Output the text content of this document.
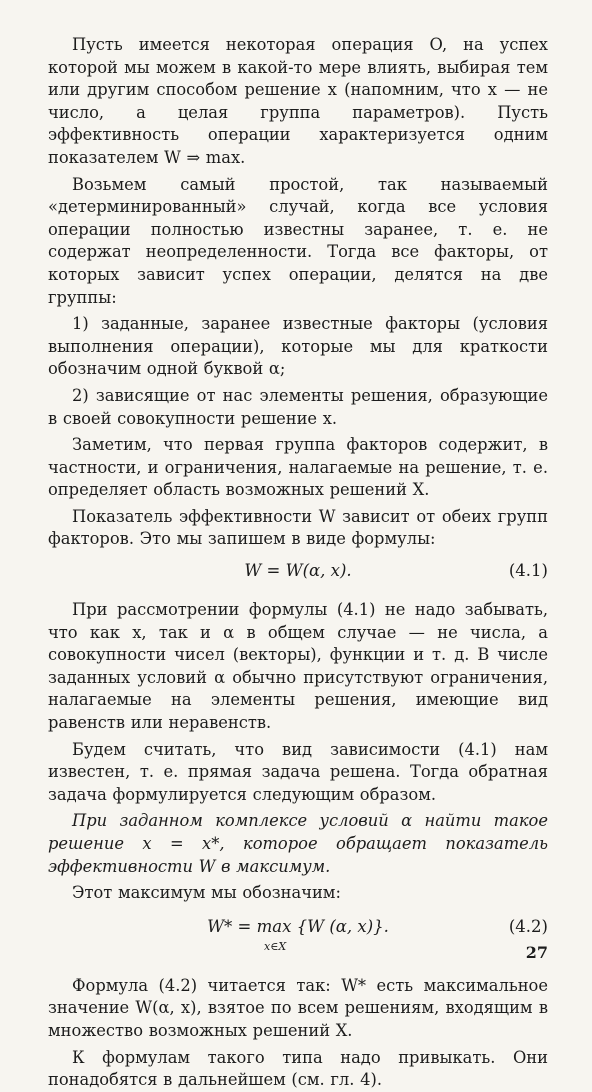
Пусть имеется некоторая операция O, на успех которой мы можем в какой-то мере влиять, выбирая тем или другим способом решение x (напомним, что x — не число, а целая группа параметров). Пусть эффективность операции характеризуется одним показателем W ⇒ max.

Возьмем самый простой, так называемый «детерминированный» случай, когда все условия операции полностью известны заранее, т. е. не содержат неопределенности. Тогда все факторы, от которых зависит успех операции, делятся на две группы:

1) заданные, заранее известные факторы (условия выполнения операции), которые мы для краткости обозначим одной буквой α;

2) зависящие от нас элементы решения, образующие в своей совокупности решение x.

Заметим, что первая группа факторов содержит, в частности, и ограничения, налагаемые на решение, т. е. определяет область возможных решений X.

Показатель эффективности W зависит от обеих групп факторов. Это мы запишем в виде формулы:

W = W(α, x).	(4.1)

При рассмотрении формулы (4.1) не надо забывать, что как x, так и α в общем случае — не числа, а совокупности чисел (векторы), функции и т. д. В числе заданных условий α обычно присутствуют ограничения, налагаемые на элементы решения, имеющие вид равенств или неравенств.

Будем считать, что вид зависимости (4.1) нам известен, т. е. прямая задача решена. Тогда обратная задача формулируется следующим образом.

При заданном комплексе условий α найти такое решение x = x*, которое обращает показатель эффективности W в максимум.

Этот максимум мы обозначим:

W* = max {W (α, x)}.
x∈X
(4.2)

Формула (4.2) читается так: W* есть максимальное значение W(α, x), взятое по всем решениям, входящим в множество возможных решений X.

К формулам такого типа надо привыкать. Они понадобятся в дальнейшем (см. гл. 4).

27
